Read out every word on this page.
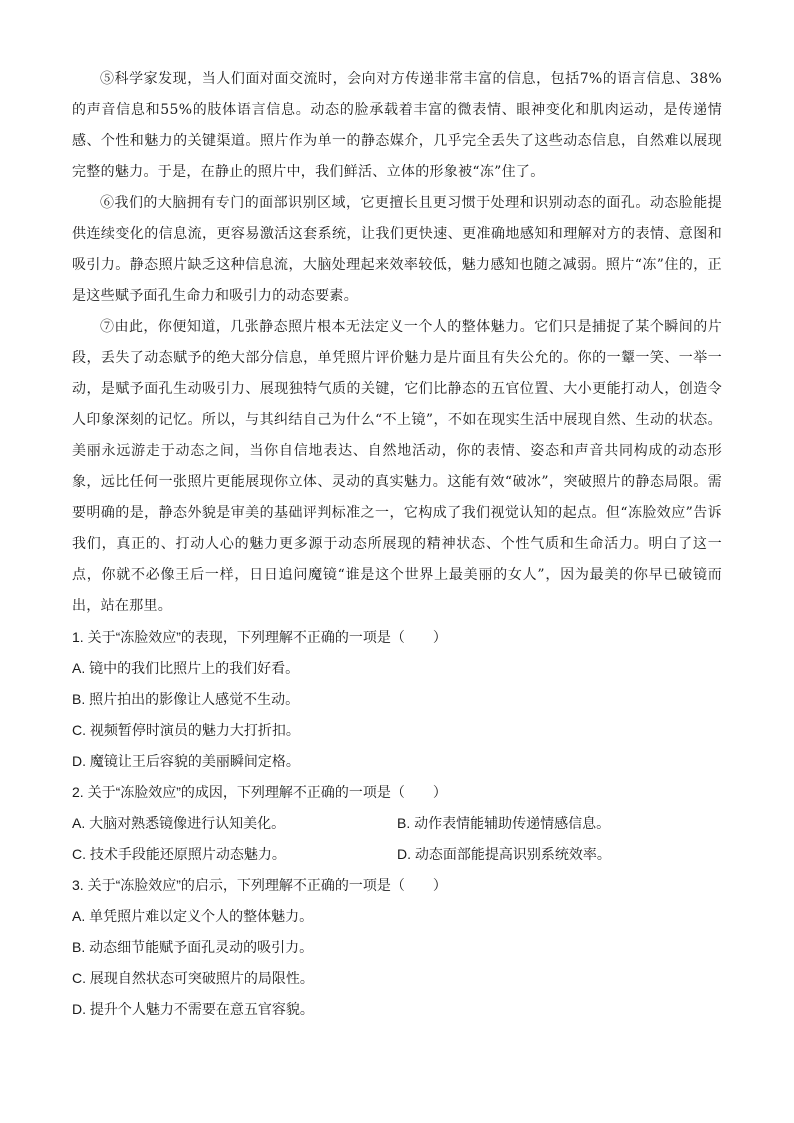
⑤科学家发现，当人们面对面交流时，会向对方传递非常丰富的信息，包括7%的语言信息、38%的声音信息和55%的肢体语言信息。动态的脸承载着丰富的微表情、眼神变化和肌肉运动，是传递情感、个性和魅力的关键渠道。照片作为单一的静态媒介，几乎完全丢失了这些动态信息，自然难以展现完整的魅力。于是，在静止的照片中，我们鲜活、立体的形象被“冻”住了。

⑥我们的大脑拥有专门的面部识别区域，它更擅长且更习惯于处理和识别动态的面孔。动态脸能提供连续变化的信息流，更容易激活这套系统，让我们更快速、更准确地感知和理解对方的表情、意图和吸引力。静态照片缺乏这种信息流，大脑处理起来效率较低，魅力感知也随之减弱。照片“冻”住的，正是这些赋予面孔生命力和吸引力的动态要素。

⑦由此，你便知道，几张静态照片根本无法定义一个人的整体魅力。它们只是捕捉了某个瞬间的片段，丢失了动态赋予的绝大部分信息，单凭照片评价魅力是片面且有失公允的。你的一颦一笑、一举一动，是赋予面孔生动吸引力、展现独特气质的关键，它们比静态的五官位置、大小更能打动人，创造令人印象深刻的记忆。所以，与其纠结自己为什么“不上镜”，不如在现实生活中展现自然、生动的状态。美丽永远游走于动态之间，当你自信地表达、自然地活动，你的表情、姿态和声音共同构成的动态形象，远比任何一张照片更能展现你立体、灵动的真实魅力。这能有效“破冰”，突破照片的静态局限。需要明确的是，静态外貌是审美的基础评判标准之一，它构成了我们视觉认知的起点。但“冻脸效应”告诉我们，真正的、打动人心的魅力更多源于动态所展现的精神状态、个性气质和生命活力。明白了这一点，你就不必像王后一样，日日追问魔镜“谁是这个世界上最美丽的女人”，因为最美的你早已破镜而出，站在那里。

1. 关于“冻脸效应”的表现，下列理解不正确的一项是（　　）

A. 镜中的我们比照片上的我们好看。

B. 照片拍出的影像让人感觉不生动。

C. 视频暂停时演员的魅力大打折扣。

D. 魔镜让王后容貌的美丽瞬间定格。

2. 关于“冻脸效应”的成因，下列理解不正确的一项是（　　）

A. 大脑对熟悉镜像进行认知美化。	B. 动作表情能辅助传递情感信息。

C. 技术手段能还原照片动态魅力。	D. 动态面部能提高识别系统效率。

3. 关于“冻脸效应”的启示，下列理解不正确的一项是（　　）

A. 单凭照片难以定义个人的整体魅力。

B. 动态细节能赋予面孔灵动的吸引力。

C. 展现自然状态可突破照片的局限性。

D. 提升个人魅力不需要在意五官容貌。
